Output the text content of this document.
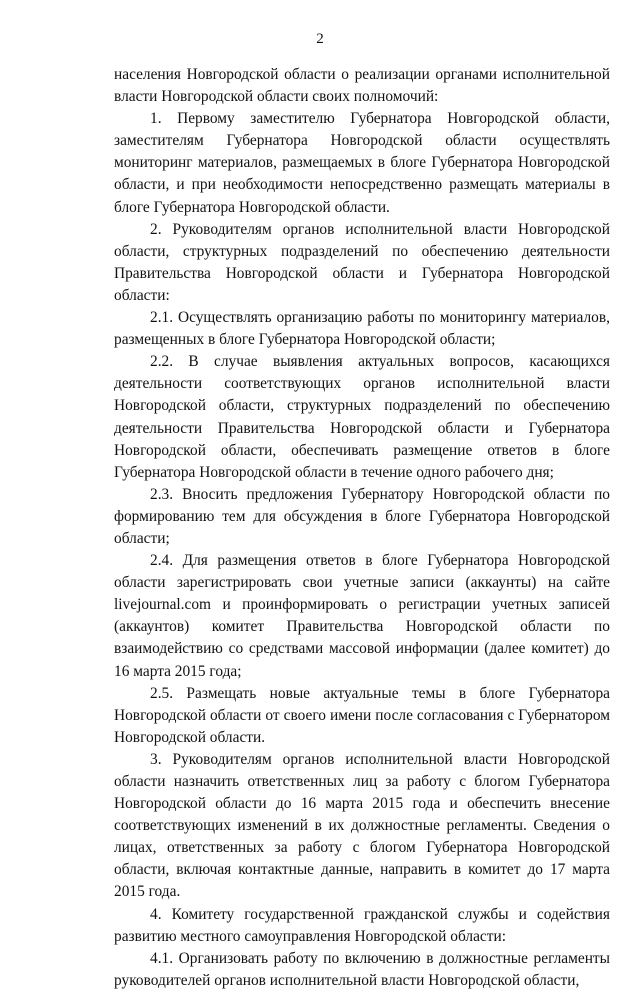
2

населения Новгородской области о реализации органами исполнительной власти Новгородской области своих полномочий:

1. Первому заместителю Губернатора Новгородской области, заместителям Губернатора Новгородской области осуществлять мониторинг материалов, размещаемых в блоге Губернатора Новгородской области, и при необходимости непосредственно размещать материалы в блоге Губернатора Новгородской области.

2. Руководителям органов исполнительной власти Новгородской области, структурных подразделений по обеспечению деятельности Правительства Новгородской области и Губернатора Новгородской области:

2.1. Осуществлять организацию работы по мониторингу материалов, размещенных в блоге Губернатора Новгородской области;

2.2. В случае выявления актуальных вопросов, касающихся деятельности соответствующих органов исполнительной власти Новгородской области, структурных подразделений по обеспечению деятельности Правительства Новгородской области и Губернатора Новгородской области, обеспечивать размещение ответов в блоге Губернатора Новгородской области в течение одного рабочего дня;

2.3. Вносить предложения Губернатору Новгородской области по формированию тем для обсуждения в блоге Губернатора Новгородской области;

2.4. Для размещения ответов в блоге Губернатора Новгородской области зарегистрировать свои учетные записи (аккаунты) на сайте livejournal.com и проинформировать о регистрации учетных записей (аккаунтов) комитет Правительства Новгородской области по взаимодействию со средствами массовой информации (далее комитет) до 16 марта 2015 года;

2.5. Размещать новые актуальные темы в блоге Губернатора Новгородской области от своего имени после согласования с Губернатором Новгородской области.

3. Руководителям органов исполнительной власти Новгородской области назначить ответственных лиц за работу с блогом Губернатора Новгородской области до 16 марта 2015 года и обеспечить внесение соответствующих изменений в их должностные регламенты. Сведения о лицах, ответственных за работу с блогом Губернатора Новгородской области, включая контактные данные, направить в комитет до 17 марта 2015 года.

4. Комитету государственной гражданской службы и содействия развитию местного самоуправления Новгородской области:

4.1. Организовать работу по включению в должностные регламенты руководителей органов исполнительной власти Новгородской области,
